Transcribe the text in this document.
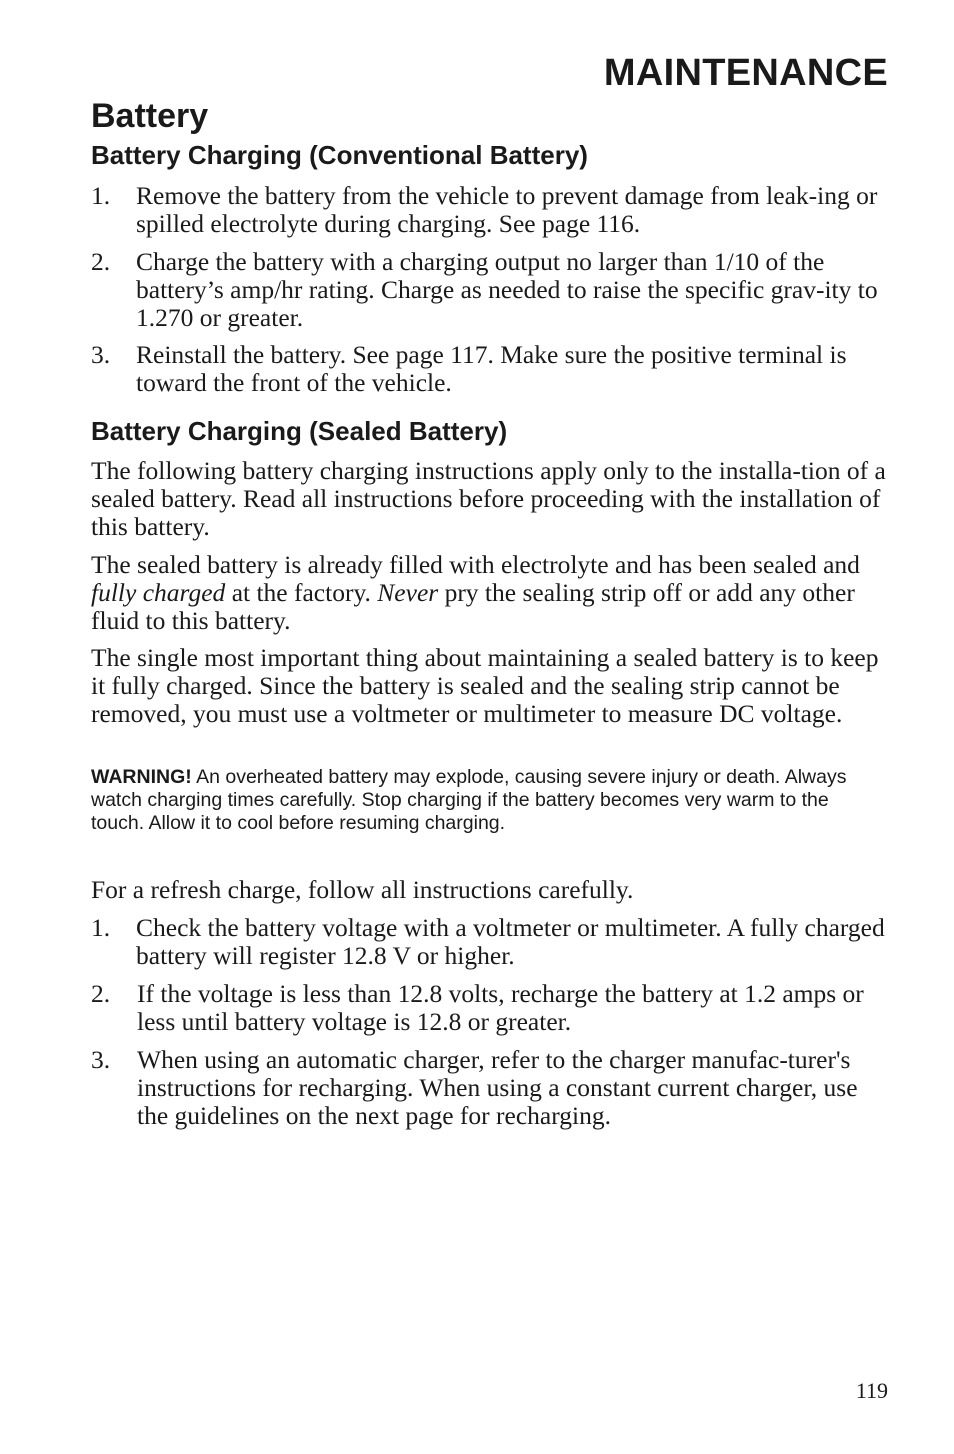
MAINTENANCE
Battery
Battery Charging (Conventional Battery)
1.	Remove the battery from the vehicle to prevent damage from leak-ing or spilled electrolyte during charging. See page 116.
2.	Charge the battery with a charging output no larger than 1/10 of the battery’s amp/hr rating. Charge as needed to raise the specific grav-ity to 1.270 or greater.
3.	Reinstall the battery. See page 117. Make sure the positive terminal is toward the front of the vehicle.
Battery Charging (Sealed Battery)

The following battery charging instructions apply only to the installa-tion of a sealed battery. Read all instructions before proceeding with the installation of this battery.

The sealed battery is already filled with electrolyte and has been sealed and fully charged at the factory. Never pry the sealing strip off or add any other fluid to this battery.

The single most important thing about maintaining a sealed battery is to keep it fully charged. Since the battery is sealed and the sealing strip cannot be removed, you must use a voltmeter or multimeter to measure DC voltage.

WARNING! An overheated battery may explode, causing severe injury or death. Always watch charging times carefully. Stop charging if the battery becomes very warm to the touch. Allow it to cool before resuming charging.

For a refresh charge, follow all instructions carefully.

1.	Check the battery voltage with a voltmeter or multimeter. A fully charged battery will register 12.8 V or higher.
2.	If the voltage is less than 12.8 volts, recharge the battery at 1.2 amps or less until battery voltage is 12.8 or greater.
3.	When using an automatic charger, refer to the charger manufac-turer's instructions for recharging. When using a constant current charger, use the guidelines on the next page for recharging.
119
